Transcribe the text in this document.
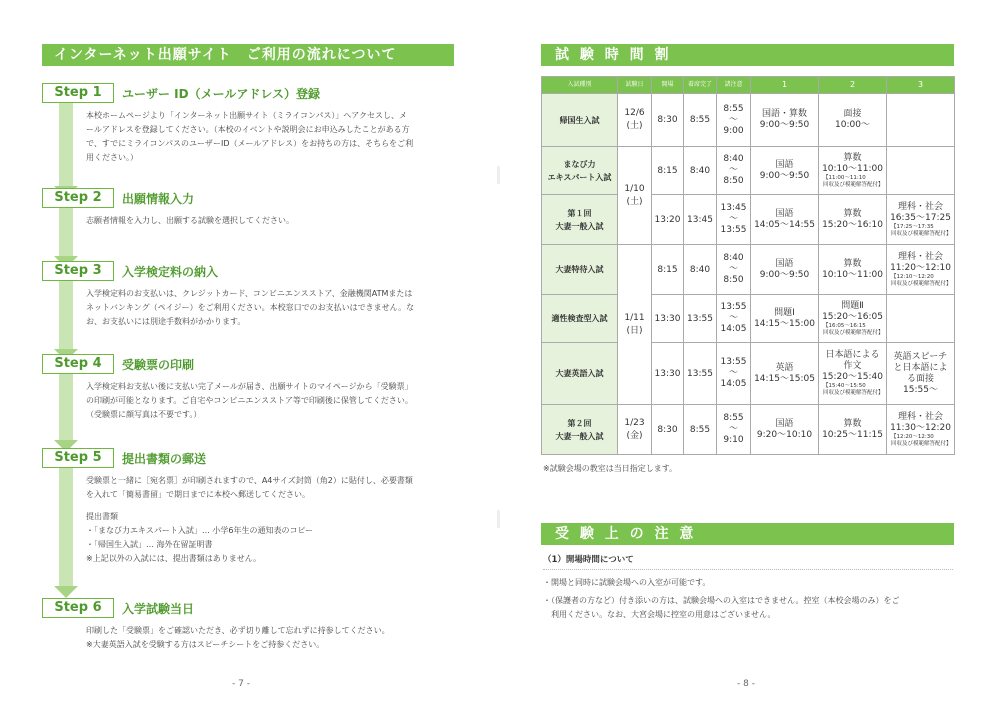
インターネット出願サイト　ご利用の流れについて
Step 1	ユーザー ID（メールアドレス）登録

本校ホームページより「インターネット出願サイト（ミライコンパス）」へアクセスし、メ

ールアドレスを登録してください。（本校のイベントや説明会にお申込みしたことがある方

で、すでにミライコンパスのユーザーID（メールアドレス）をお持ちの方は、そちらをご利

用ください。）

Step 2	出願情報入力

志願者情報を入力し、出願する試験を選択してください。

Step 3	入学検定料の納入

入学検定料のお支払いは、クレジットカード、コンビニエンスストア、金融機関ATMまたは

ネットバンキング（ペイジー）をご利用ください。本校窓口でのお支払いはできません。な

お、お支払いには別途手数料がかかります。

Step 4	受験票の印刷

入学検定料お支払い後に支払い完了メールが届き、出願サイトのマイページから「受験票」

の印刷が可能となります。ご自宅やコンビニエンスストア等で印刷後に保管してください。

（受験票に顔写真は不要です。）

Step 5	提出書類の郵送

受験票と一緒に［宛名票］が印刷されますので、A4サイズ封筒（角2）に貼付し、必要書類

を入れて「簡易書留」で期日までに本校へ郵送してください。

提出書類

・「まなび力エキスパート入試」… 小学6年生の通知表のコピー

・「帰国生入試」… 海外在留証明書

※上記以外の入試には、提出書類はありません。

Step 6	入学試験当日

印刷した「受験票」をご確認いただき、必ず切り離して忘れずに持参してください。

※大妻英語入試を受験する方はスピーチシートをご持参ください。

- 7 -
試 験 時 間 割
入試種別	試験日	開場	着席完了	諸注意	1	2	3
帰国生入試	12/6
(土)	8:30	8:55	8:55
〜
9:00	国語・算数
9:00〜9:50	面接
10:00〜	
まなび力
エキスパート入試	1/10
(土)	8:15	8:40	8:40
〜
8:50	国語
9:00〜9:50	算数
10:10〜11:00
【11:00〜11:10
回収及び模範解答配付】	

第１回
大妻一般入試		13:20	13:45	13:45
〜
13:55	国語
14:05〜14:55	算数
15:20〜16:10	理科・社会
16:35〜17:25
【17:25〜17:35
回収及び模範解答配付】

大妻特待入試	1/11
(日)	8:15	8:40	8:40
〜
8:50	国語
9:00〜9:50	算数
10:10〜11:00	理科・社会
11:20〜12:10
【12:10〜12:20
回収及び模範解答配付】

適性検査型入試		13:30	13:55	13:55
〜
14:05	問題Ⅰ
14:15〜15:00	問題Ⅱ
15:20〜16:05
【16:05〜16:15
回収及び模範解答配付】	

大妻英語入試		13:30	13:55	13:55
〜
14:05	英語
14:15〜15:05	日本語による
作文
15:20〜15:40
【15:40〜15:50
回収及び模範解答配付】	英語スピーチ
と日本語によ
る面接
15:55〜
第２回
大妻一般入試	1/23
(金)	8:30	8:55	8:55
〜
9:10	国語
9:20〜10:10	算数
10:25〜11:15	理科・社会
11:30〜12:20
【12:20〜12:30
回収及び模範解答配付】
※試験会場の教室は当日指定します。
受 験 上 の 注 意
（1）開場時間について

・開場と同時に試験会場への入室が可能です。

・（保護者の方など）付き添いの方は、試験会場への入室はできません。控室（本校会場のみ）をご

　利用ください。なお、大宮会場に控室の用意はございません。

- 8 -
